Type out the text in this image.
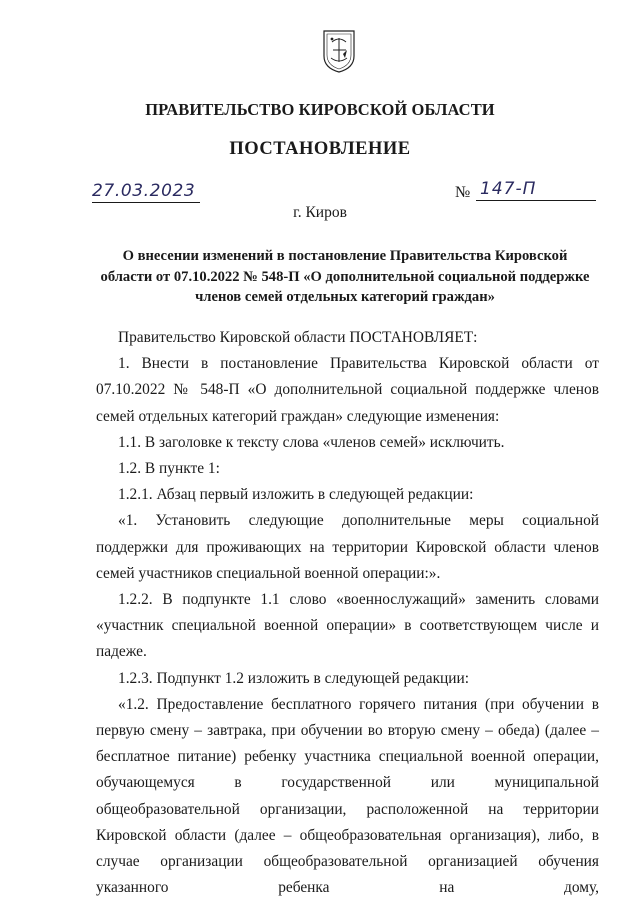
ПРАВИТЕЛЬСТВО КИРОВСКОЙ ОБЛАСТИ
ПОСТАНОВЛЕНИЕ
27.03.2023	№ 147-П
г. Киров
О внесении изменений в постановление Правительства Кировской
области от 07.10.2022 № 548-П «О дополнительной социальной поддержке
членов семей отдельных категорий граждан»

Правительство Кировской области ПОСТАНОВЛЯЕТ:

1. Внести в постановление Правительства Кировской области от 07.10.2022 № 548-П «О дополнительной социальной поддержке членов семей отдельных категорий граждан» следующие изменения:

1.1. В заголовке к тексту слова «членов семей» исключить.

1.2. В пункте 1:

1.2.1. Абзац первый изложить в следующей редакции:

«1. Установить следующие дополнительные меры социальной поддержки для проживающих на территории Кировской области членов семей участников специальной военной операции:».

1.2.2. В подпункте 1.1 слово «военнослужащий» заменить словами «участник специальной военной операции» в соответствующем числе и падеже.

1.2.3. Подпункт 1.2 изложить в следующей редакции:

«1.2. Предоставление бесплатного горячего питания (при обучении в первую смену – завтрака, при обучении во вторую смену – обеда) (далее – бесплатное питание) ребенку участника специальной военной операции, обучающемуся в государственной или муниципальной общеобразовательной организации, расположенной на территории Кировской области (далее – общеобразовательная организация), либо, в случае организации общеобразовательной организацией обучения указанного ребенка на дому,
